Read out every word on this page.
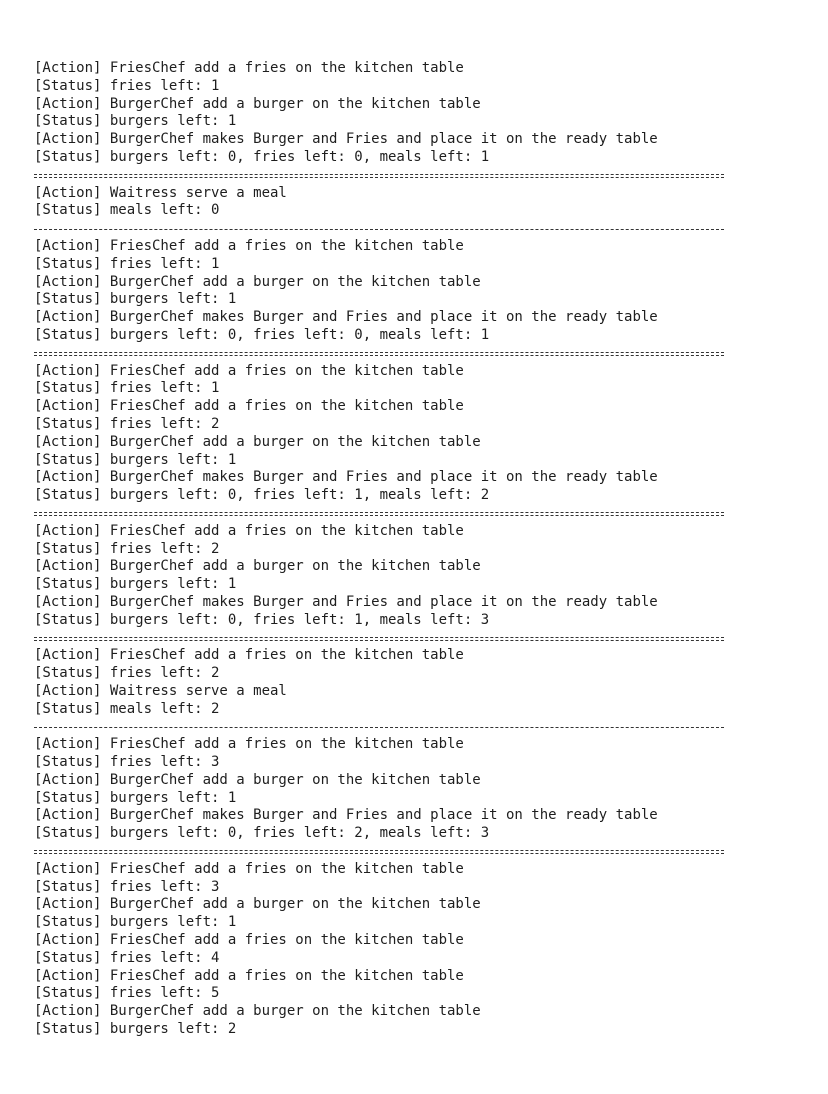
[Action] FriesChef add a fries on the kitchen table
[Status] fries left: 1
[Action] BurgerChef add a burger on the kitchen table
[Status] burgers left: 1
[Action] BurgerChef makes Burger and Fries and place it on the ready table
[Status] burgers left: 0, fries left: 0, meals left: 1
[Action] Waitress serve a meal
[Status] meals left: 0
[Action] FriesChef add a fries on the kitchen table
[Status] fries left: 1
[Action] BurgerChef add a burger on the kitchen table
[Status] burgers left: 1
[Action] BurgerChef makes Burger and Fries and place it on the ready table
[Status] burgers left: 0, fries left: 0, meals left: 1
[Action] FriesChef add a fries on the kitchen table
[Status] fries left: 1
[Action] FriesChef add a fries on the kitchen table
[Status] fries left: 2
[Action] BurgerChef add a burger on the kitchen table
[Status] burgers left: 1
[Action] BurgerChef makes Burger and Fries and place it on the ready table
[Status] burgers left: 0, fries left: 1, meals left: 2
[Action] FriesChef add a fries on the kitchen table
[Status] fries left: 2
[Action] BurgerChef add a burger on the kitchen table
[Status] burgers left: 1
[Action] BurgerChef makes Burger and Fries and place it on the ready table
[Status] burgers left: 0, fries left: 1, meals left: 3
[Action] FriesChef add a fries on the kitchen table
[Status] fries left: 2
[Action] Waitress serve a meal
[Status] meals left: 2
[Action] FriesChef add a fries on the kitchen table
[Status] fries left: 3
[Action] BurgerChef add a burger on the kitchen table
[Status] burgers left: 1
[Action] BurgerChef makes Burger and Fries and place it on the ready table
[Status] burgers left: 0, fries left: 2, meals left: 3
[Action] FriesChef add a fries on the kitchen table
[Status] fries left: 3
[Action] BurgerChef add a burger on the kitchen table
[Status] burgers left: 1
[Action] FriesChef add a fries on the kitchen table
[Status] fries left: 4
[Action] FriesChef add a fries on the kitchen table
[Status] fries left: 5
[Action] BurgerChef add a burger on the kitchen table
[Status] burgers left: 2
